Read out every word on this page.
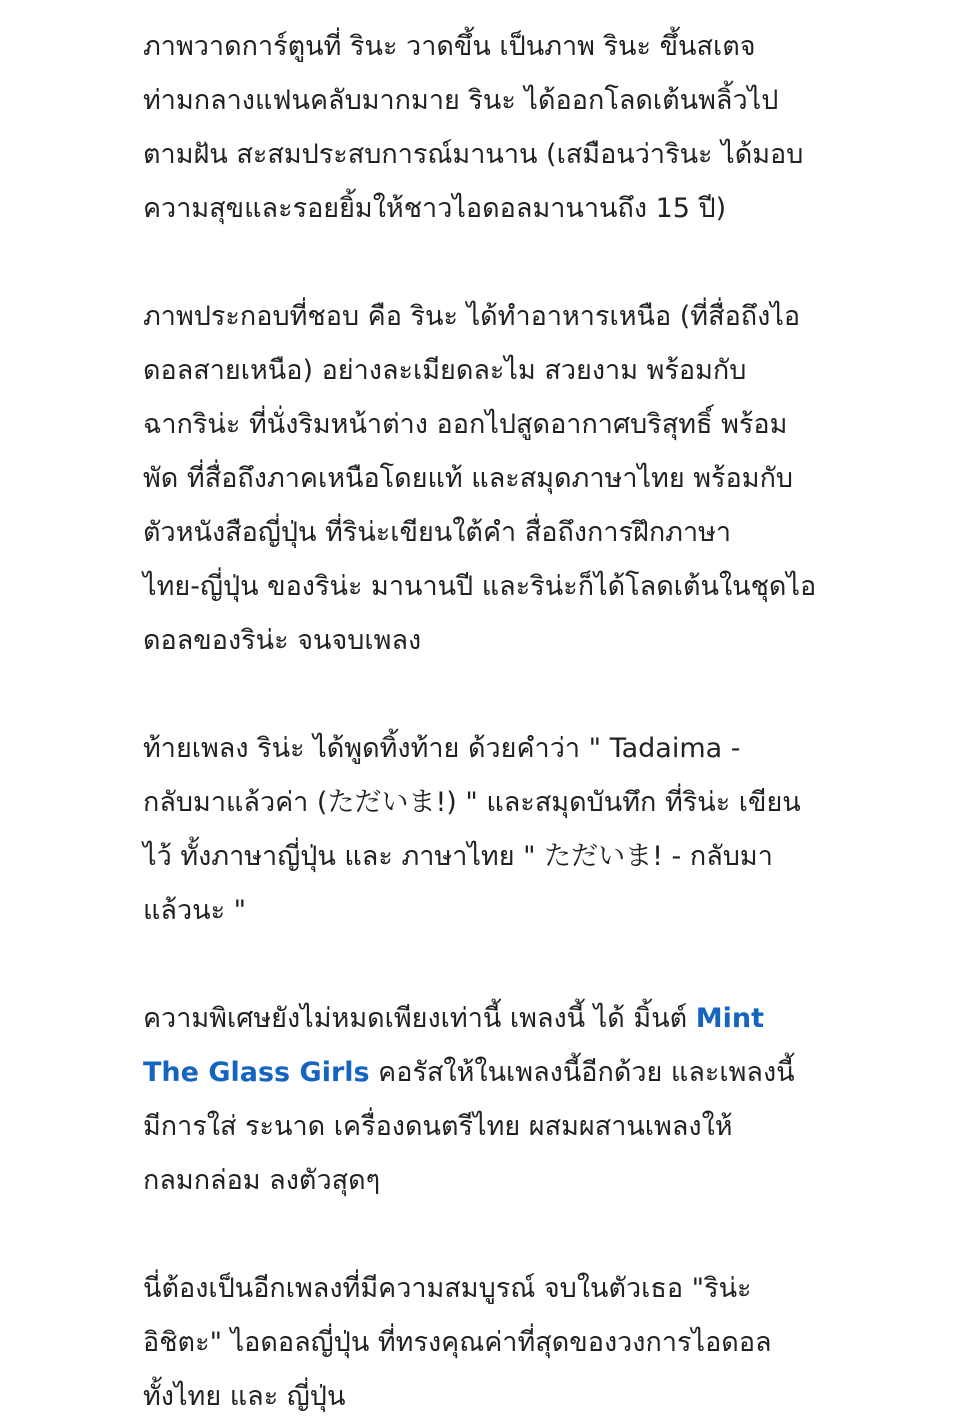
ภาพวาดการ์ตูนที่ รินะ วาดขึ้น เป็นภาพ รินะ ขึ้นสเตจ
ท่ามกลางแฟนคลับมากมาย รินะ ได้ออกโลดเต้นพลิ้วไป
ตามฝัน สะสมประสบการณ์มานาน (เสมือนว่ารินะ ได้มอบ
ความสุขและรอยยิ้มให้ชาวไอดอลมานานถึง 15 ปี)

ภาพประกอบที่ชอบ คือ รินะ ได้ทำอาหารเหนือ (ที่สื่อถึงไอ
ดอลสายเหนือ) อย่างละเมียดละไม สวยงาม พร้อมกับ
ฉากริน่ะ ที่นั่งริมหน้าต่าง ออกไปสูดอากาศบริสุทธิ์ พร้อม
พัด ที่สื่อถึงภาคเหนือโดยแท้ และสมุดภาษาไทย พร้อมกับ
ตัวหนังสือญี่ปุ่น ที่ริน่ะเขียนใต้คำ สื่อถึงการฝึกภาษา
ไทย-ญี่ปุ่น ของริน่ะ มานานปี และริน่ะก็ได้โลดเต้นในชุดไอ
ดอลของริน่ะ จนจบเพลง

ท้ายเพลง ริน่ะ ได้พูดทิ้งท้าย ด้วยคำว่า " Tadaima -
กลับมาแล้วค่า (ただいま!) " และสมุดบันทึก ที่ริน่ะ เขียน
ไว้ ทั้งภาษาญี่ปุ่น และ ภาษาไทย " ただいま! - กลับมา
แล้วนะ "

ความพิเศษยังไม่หมดเพียงเท่านี้ เพลงนี้ ได้ มิ้นต์ Mint
The Glass Girls คอรัสให้ในเพลงนี้อีกด้วย และเพลงนี้
มีการใส่ ระนาด เครื่องดนตรีไทย ผสมผสานเพลงให้
กลมกล่อม ลงตัวสุดๆ

นี่ต้องเป็นอีกเพลงที่มีความสมบูรณ์ จบในตัวเธอ "ริน่ะ
อิชิตะ" ไอดอลญี่ปุ่น ที่ทรงคุณค่าที่สุดของวงการไอดอล
ทั้งไทย และ ญี่ปุ่น
